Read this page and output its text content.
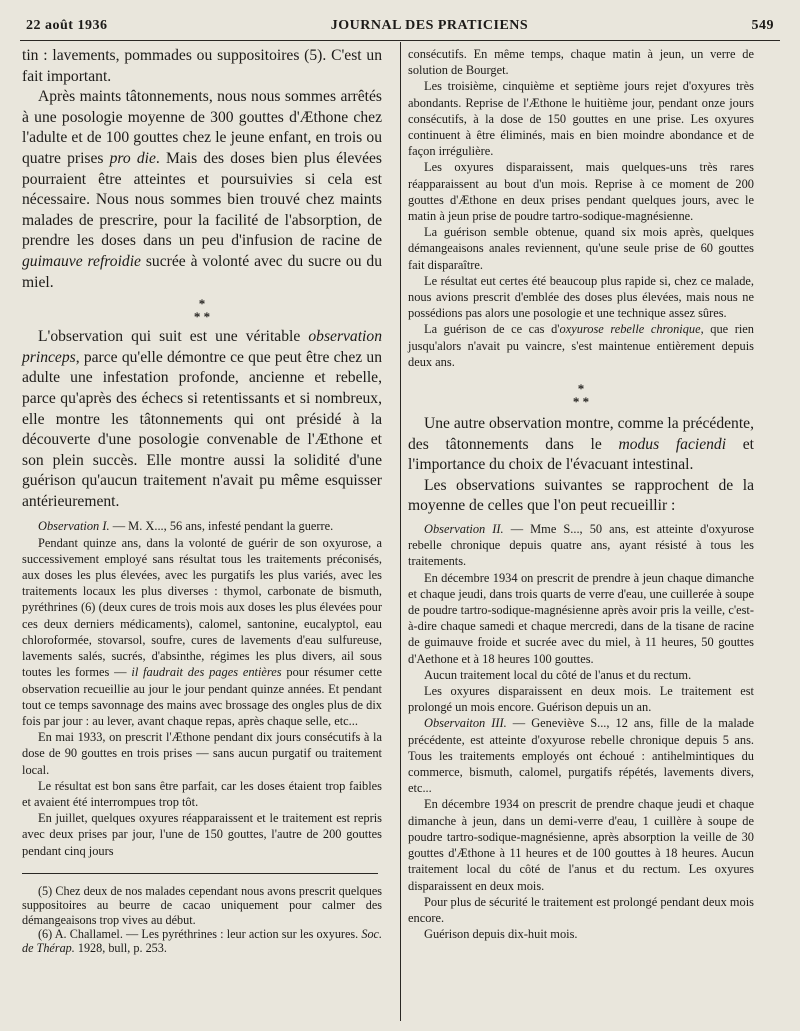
22 août 1936	JOURNAL DES PRATICIENS	549

tin : lavements, pommades ou suppositoires (5). C'est un fait important.

Après maints tâtonnements, nous nous sommes arrêtés à une posologie moyenne de 300 gouttes d'Æthone chez l'adulte et de 100 gouttes chez le jeune enfant, en trois ou quatre prises pro die. Mais des doses bien plus élevées pourraient être atteintes et poursuivies si cela est nécessaire. Nous nous sommes bien trouvé chez maints malades de prescrire, pour la facilité de l'absorption, de prendre les doses dans un peu d'infusion de racine de guimauve refroidie sucrée à volonté avec du sucre ou du miel.

*
* *

L'observation qui suit est une véritable observation princeps, parce qu'elle démontre ce que peut être chez un adulte une infestation profonde, ancienne et rebelle, parce qu'après des échecs si retentissants et si nombreux, elle montre les tâtonnements qui ont présidé à la découverte d'une posologie convenable de l'Æthone et son plein succès. Elle montre aussi la solidité d'une guérison qu'aucun traitement n'avait pu même esquisser antérieurement.

Observation I. — M. X..., 56 ans, infesté pendant la guerre.

Pendant quinze ans, dans la volonté de guérir de son oxyurose, a successivement employé sans résultat tous les traitements préconisés, aux doses les plus élevées, avec les purgatifs les plus variés, avec les traitements locaux les plus diverses : thymol, carbonate de bismuth, pyréthrines (6) (deux cures de trois mois aux doses les plus élevées pour ces deux derniers médicaments), calomel, santonine, eucalyptol, eau chloroformée, stovarsol, soufre, cures de lavements d'eau sulfureuse, lavements salés, sucrés, d'absinthe, régimes les plus divers, ail sous toutes les formes — il faudrait des pages entières pour résumer cette observation recueillie au jour le jour pendant quinze années. Et pendant tout ce temps savonnage des mains avec brossage des ongles plus de dix fois par jour : au lever, avant chaque repas, après chaque selle, etc...

En mai 1933, on prescrit l'Æthone pendant dix jours consécutifs à la dose de 90 gouttes en trois prises — sans aucun purgatif ou traitement local.

Le résultat est bon sans être parfait, car les doses étaient trop faibles et avaient été interrompues trop tôt.

En juillet, quelques oxyures réapparaissent et le traitement est repris avec deux prises par jour, l'une de 150 gouttes, l'autre de 200 gouttes pendant cinq jours

(5) Chez deux de nos malades cependant nous avons prescrit quelques suppositoires au beurre de cacao uniquement pour calmer des démangeaisons trop vives au début.

(6) A. Challamel. — Les pyréthrines : leur action sur les oxyures. Soc. de Thérap. 1928, bull, p. 253.

consécutifs. En même temps, chaque matin à jeun, un verre de solution de Bourget.

Les troisième, cinquième et septième jours rejet d'oxyures très abondants. Reprise de l'Æthone le huitième jour, pendant onze jours consécutifs, à la dose de 150 gouttes en une prise. Les oxyures continuent à être éliminés, mais en bien moindre abondance et de façon irrégulière.

Les oxyures disparaissent, mais quelques-uns très rares réapparaissent au bout d'un mois. Reprise à ce moment de 200 gouttes d'Æthone en deux prises pendant quelques jours, avec le matin à jeun prise de poudre tartro-sodique-magnésienne.

La guérison semble obtenue, quand six mois après, quelques démangeaisons anales reviennent, qu'une seule prise de 60 gouttes fait disparaître.

Le résultat eut certes été beaucoup plus rapide si, chez ce malade, nous avions prescrit d'emblée des doses plus élevées, mais nous ne possédions pas alors une posologie et une technique assez sûres.

La guérison de ce cas d'oxyurose rebelle chronique, que rien jusqu'alors n'avait pu vaincre, s'est maintenue entièrement depuis deux ans.

*
* *

Une autre observation montre, comme la précédente, des tâtonnements dans le modus faciendi et l'importance du choix de l'évacuant intestinal.

Les observations suivantes se rapprochent de la moyenne de celles que l'on peut recueillir :

Observation II. — Mme S..., 50 ans, est atteinte d'oxyurose rebelle chronique depuis quatre ans, ayant résisté à tous les traitements.

En décembre 1934 on prescrit de prendre à jeun chaque dimanche et chaque jeudi, dans trois quarts de verre d'eau, une cuillerée à soupe de poudre tartro-sodique-magnésienne après avoir pris la veille, c'est-à-dire chaque samedi et chaque mercredi, dans de la tisane de racine de guimauve froide et sucrée avec du miel, à 11 heures, 50 gouttes d'Aethone et à 18 heures 100 gouttes.

Aucun traitement local du côté de l'anus et du rectum.

Les oxyures disparaissent en deux mois. Le traitement est prolongé un mois encore. Guérison depuis un an.

Observaiton III. — Geneviève S..., 12 ans, fille de la malade précédente, est atteinte d'oxyurose rebelle chronique depuis 5 ans. Tous les traitements employés ont échoué : antihelmintiques du commerce, bismuth, calomel, purgatifs répétés, lavements divers, etc...

En décembre 1934 on prescrit de prendre chaque jeudi et chaque dimanche à jeun, dans un demi-verre d'eau, 1 cuillère à soupe de poudre tartro-sodique-magnésienne, après absorption la veille de 30 gouttes d'Æthone à 11 heures et de 100 gouttes à 18 heures. Aucun traitement local du côté de l'anus et du rectum. Les oxyures disparaissent en deux mois.

Pour plus de sécurité le traitement est prolongé pendant deux mois encore.

Guérison depuis dix-huit mois.
